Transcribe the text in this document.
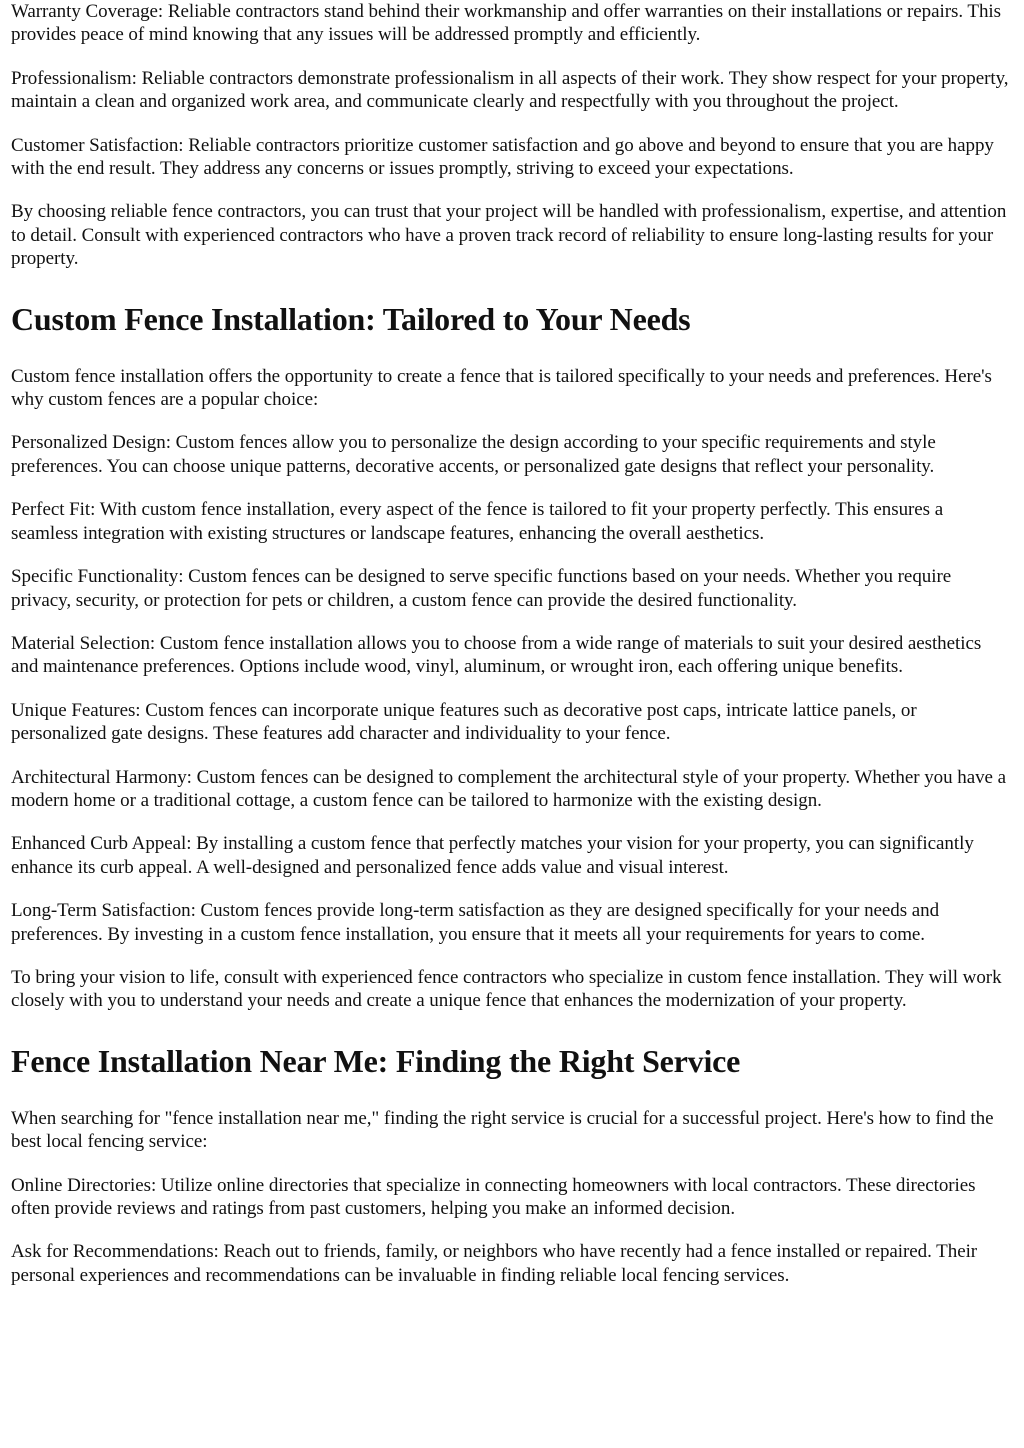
Warranty Coverage: Reliable contractors stand behind their workmanship and offer warranties on their installations or repairs. This provides peace of mind knowing that any issues will be addressed promptly and efficiently.

Professionalism: Reliable contractors demonstrate professionalism in all aspects of their work. They show respect for your property, maintain a clean and organized work area, and communicate clearly and respectfully with you throughout the project.

Customer Satisfaction: Reliable contractors prioritize customer satisfaction and go above and beyond to ensure that you are happy with the end result. They address any concerns or issues promptly, striving to exceed your expectations.

By choosing reliable fence contractors, you can trust that your project will be handled with professionalism, expertise, and attention to detail. Consult with experienced contractors who have a proven track record of reliability to ensure long-lasting results for your property.

Custom Fence Installation: Tailored to Your Needs

Custom fence installation offers the opportunity to create a fence that is tailored specifically to your needs and preferences. Here's why custom fences are a popular choice:

Personalized Design: Custom fences allow you to personalize the design according to your specific requirements and style preferences. You can choose unique patterns, decorative accents, or personalized gate designs that reflect your personality.

Perfect Fit: With custom fence installation, every aspect of the fence is tailored to fit your property perfectly. This ensures a seamless integration with existing structures or landscape features, enhancing the overall aesthetics.

Specific Functionality: Custom fences can be designed to serve specific functions based on your needs. Whether you require privacy, security, or protection for pets or children, a custom fence can provide the desired functionality.

Material Selection: Custom fence installation allows you to choose from a wide range of materials to suit your desired aesthetics and maintenance preferences. Options include wood, vinyl, aluminum, or wrought iron, each offering unique benefits.

Unique Features: Custom fences can incorporate unique features such as decorative post caps, intricate lattice panels, or personalized gate designs. These features add character and individuality to your fence.

Architectural Harmony: Custom fences can be designed to complement the architectural style of your property. Whether you have a modern home or a traditional cottage, a custom fence can be tailored to harmonize with the existing design.

Enhanced Curb Appeal: By installing a custom fence that perfectly matches your vision for your property, you can significantly enhance its curb appeal. A well-designed and personalized fence adds value and visual interest.

Long-Term Satisfaction: Custom fences provide long-term satisfaction as they are designed specifically for your needs and preferences. By investing in a custom fence installation, you ensure that it meets all your requirements for years to come.

To bring your vision to life, consult with experienced fence contractors who specialize in custom fence installation. They will work closely with you to understand your needs and create a unique fence that enhances the modernization of your property.

Fence Installation Near Me: Finding the Right Service

When searching for "fence installation near me," finding the right service is crucial for a successful project. Here's how to find the best local fencing service:

Online Directories: Utilize online directories that specialize in connecting homeowners with local contractors. These directories often provide reviews and ratings from past customers, helping you make an informed decision.

Ask for Recommendations: Reach out to friends, family, or neighbors who have recently had a fence installed or repaired. Their personal experiences and recommendations can be invaluable in finding reliable local fencing services.
